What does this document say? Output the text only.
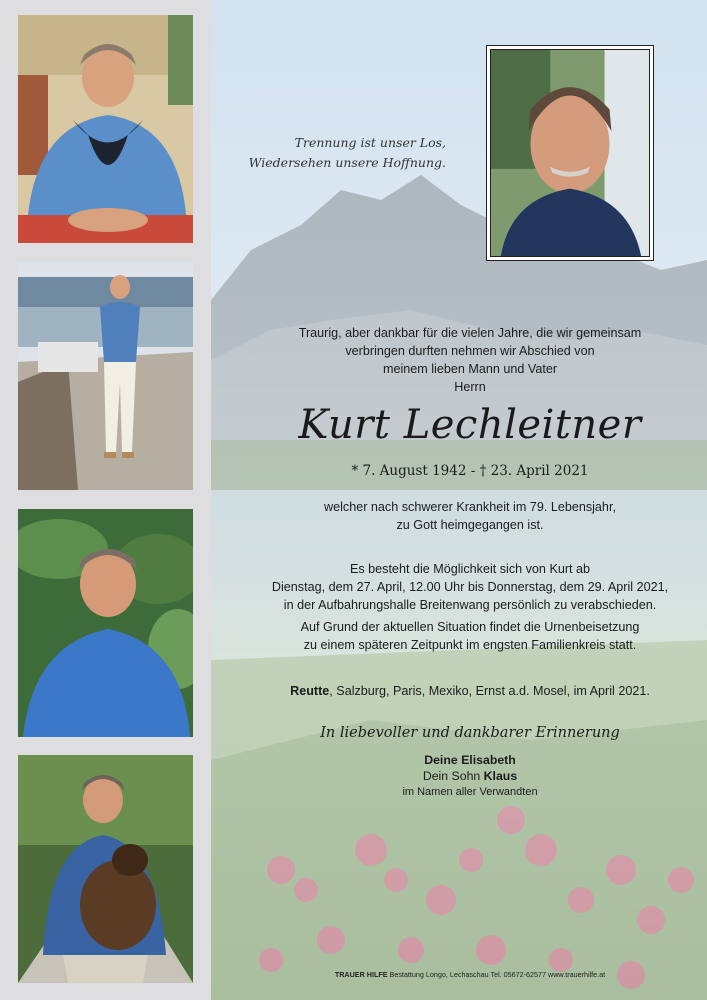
Trennung ist unser Los,
Wiedersehen unsere Hoffnung.
Traurig, aber dankbar für die vielen Jahre, die wir gemeinsam
verbringen durften nehmen wir Abschied von
meinem lieben Mann und Vater
Herrn
Kurt Lechleitner
* 7. August 1942 - † 23. April 2021
welcher nach schwerer Krankheit im 79. Lebensjahr,
zu Gott heimgegangen ist.
Es besteht die Möglichkeit sich von Kurt ab
Dienstag, dem 27. April, 12.00 Uhr bis Donnerstag, dem 29. April 2021,
in der Aufbahrungshalle Breitenwang persönlich zu verabschieden.
Auf Grund der aktuellen Situation findet die Urnenbeisetzung
zu einem späteren Zeitpunkt im engsten Familienkreis statt.
Reutte, Salzburg, Paris, Mexiko, Ernst a.d. Mosel, im April 2021.
In liebevoller und dankbarer Erinnerung
Deine Elisabeth
Dein Sohn Klaus
im Namen aller Verwandten
TRAUER HILFE Bestattung Longo, Lechaschau Tel. 05672-62577 www.trauerhilfe.at
